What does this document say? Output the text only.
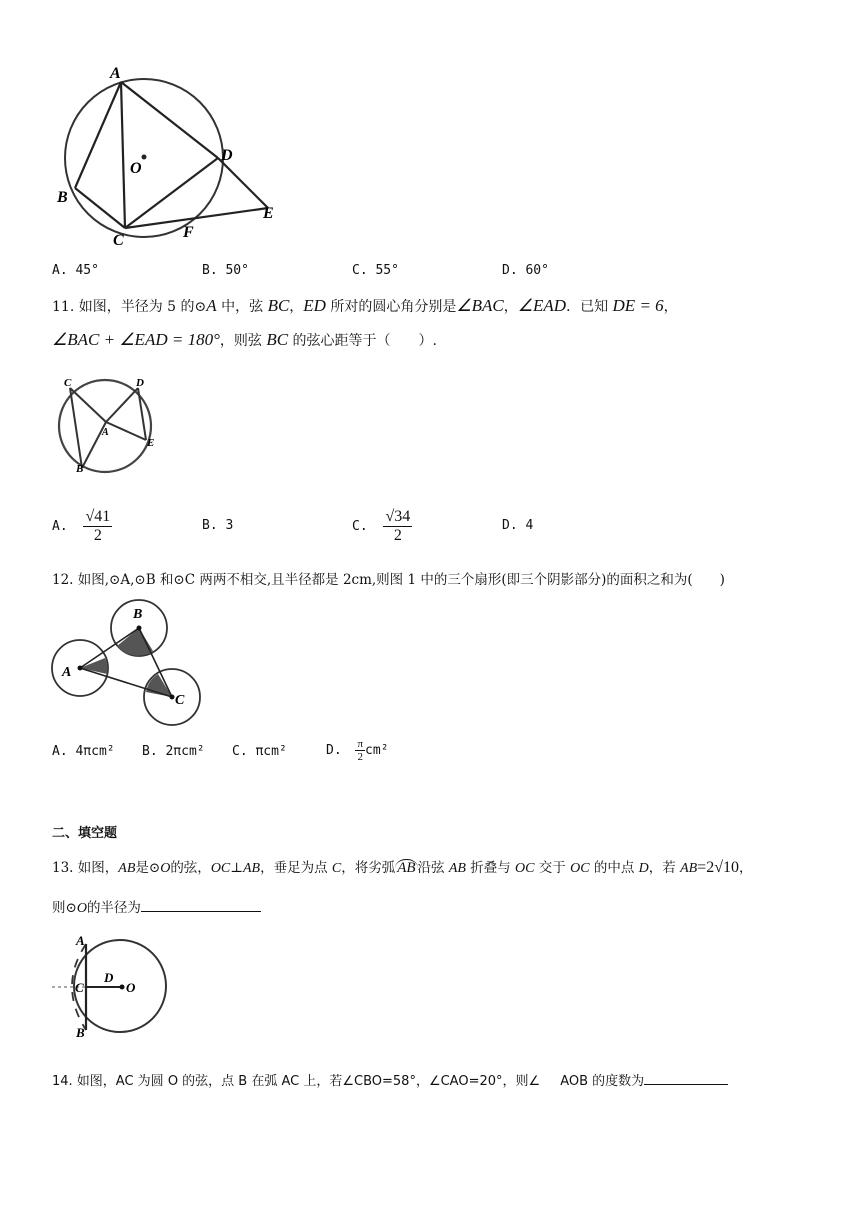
A
B
C
D
E
F
O
A. 45°	B. 50°	C. 55°	D. 60°
11. 如图，半径为 5 的⊙A 中，弦 BC，ED 所对的圆心角分别是∠BAC，∠EAD．已知 DE = 6，
∠BAC + ∠EAD = 180°，则弦 BC 的弦心距等于（　　）.
C	D
A
E
B
A. $\frac{√41}{2}$	B. 3	C. $\frac{√34}{2}$	D. 4
12. 如图,⊙A,⊙B 和⊙C 两两不相交,且半径都是 2cm,则图 1 中的三个扇形(即三个阴影部分)的面积之和为(　　)
A
B
C
A. 4πcm² B. 2πcm² C. πcm²	D. $\frac{\pi}{2} cm^2$
二、填空题
13. 如图，AB是⊙O的弦，OC⊥AB，垂足为点 C，将劣弧 AB 沿弦 AB 折叠与 OC 交于 OC 的中点 D，若 AB=2√10，
则⊙O的半径为
A
D
O
C
B
14. 如图，AC 为圆 O 的弦，点 B 在弧 AC 上，若∠CBO=58°，∠CAO=20°，则∠ AOB 的度数为
